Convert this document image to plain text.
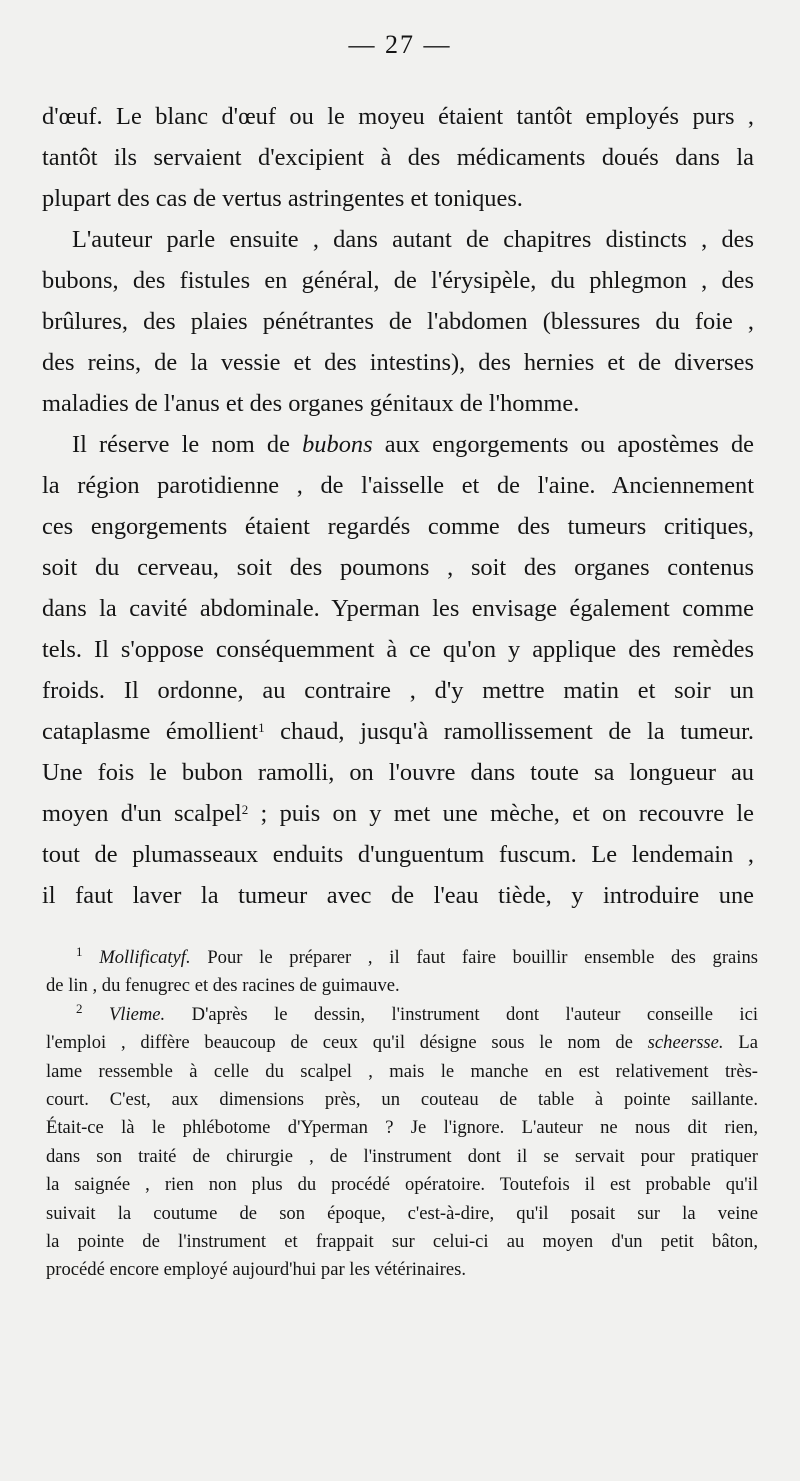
— 27 —
d'œuf. Le blanc d'œuf ou le moyeu étaient tantôt employés purs ,
tantôt ils servaient d'excipient à des médicaments doués dans la
plupart des cas de vertus astringentes et toniques.
L'auteur parle ensuite , dans autant de chapitres distincts , des
bubons, des fistules en général, de l'érysipèle, du phlegmon , des
brûlures, des plaies pénétrantes de l'abdomen (blessures du foie ,
des reins, de la vessie et des intestins), des hernies et de diverses
maladies de l'anus et des organes génitaux de l'homme.
Il réserve le nom de bubons aux engorgements ou apostèmes de
la région parotidienne , de l'aisselle et de l'aine. Anciennement
ces engorgements étaient regardés comme des tumeurs critiques,
soit du cerveau, soit des poumons , soit des organes contenus
dans la cavité abdominale. Yperman les envisage également comme
tels. Il s'oppose conséquemment à ce qu'on y applique des remèdes
froids. Il ordonne, au contraire , d'y mettre matin et soir un
cataplasme émollient$^1$ chaud, jusqu'à ramollissement de la tumeur.
Une fois le bubon ramolli, on l'ouvre dans toute sa longueur au
moyen d'un scalpel$^2$ ; puis on y met une mèche, et on recouvre le
tout de plumasseaux enduits d'unguentum fuscum. Le lendemain ,
il faut laver la tumeur avec de l'eau tiède, y introduire une
$^1$ Mollificatyf. Pour le préparer , il faut faire bouillir ensemble des grains
de lin , du fenugrec et des racines de guimauve.
$^2$ Vlieme. D'après le dessin, l'instrument dont l'auteur conseille ici
l'emploi , diffère beaucoup de ceux qu'il désigne sous le nom de scheersse. La
lame ressemble à celle du scalpel , mais le manche en est relativement très-
court. C'est, aux dimensions près, un couteau de table à pointe saillante.
Était-ce là le phlébotome d'Yperman ? Je l'ignore. L'auteur ne nous dit rien,
dans son traité de chirurgie , de l'instrument dont il se servait pour pratiquer
la saignée , rien non plus du procédé opératoire. Toutefois il est probable qu'il
suivait la coutume de son époque, c'est-à-dire, qu'il posait sur la veine
la pointe de l'instrument et frappait sur celui-ci au moyen d'un petit bâton,
procédé encore employé aujourd'hui par les vétérinaires.
